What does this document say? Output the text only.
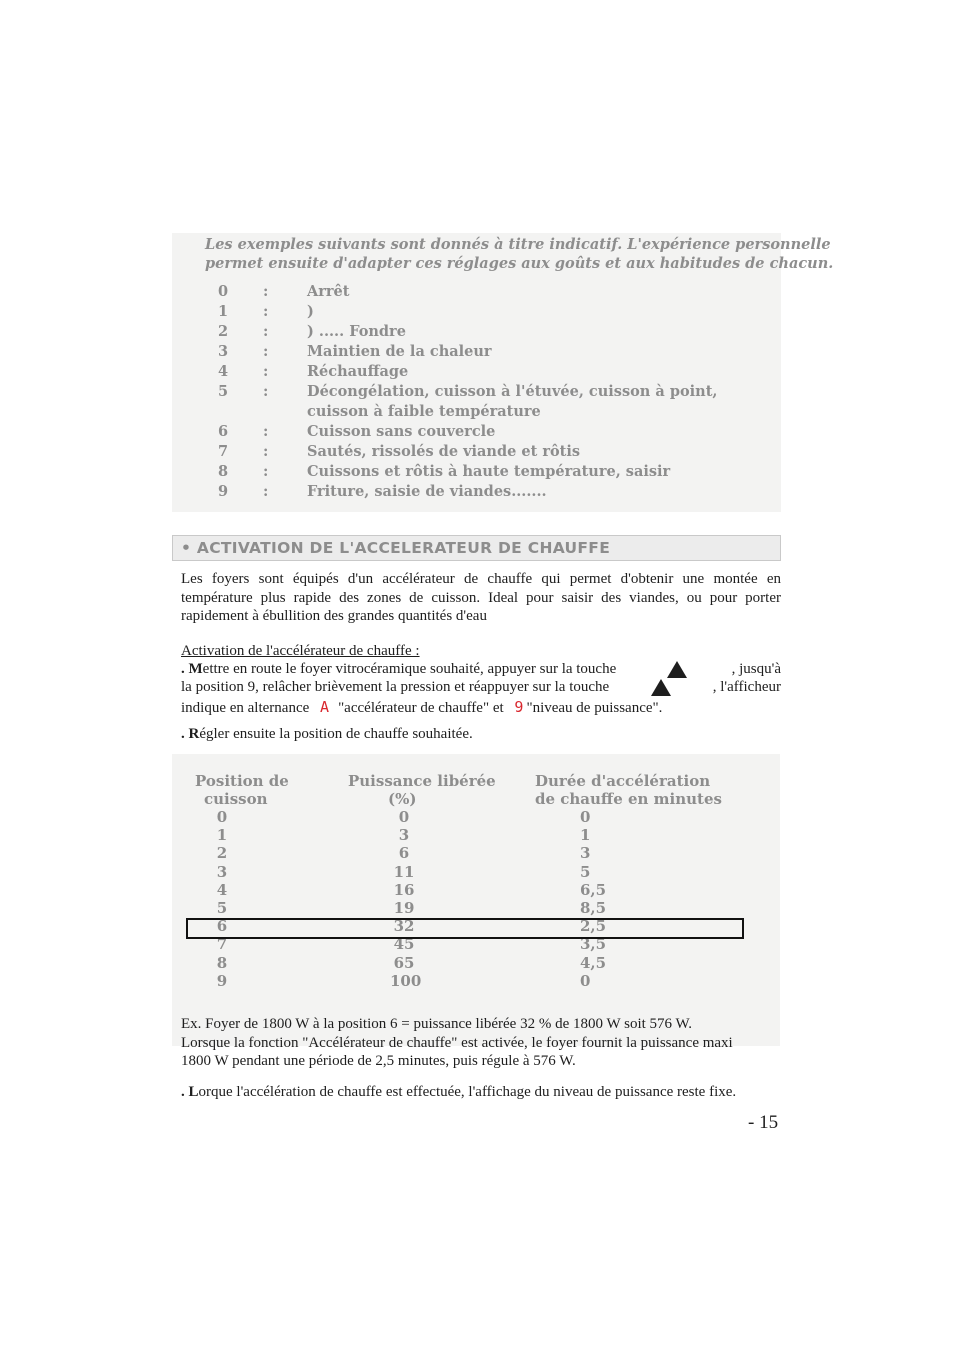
Les exemples suivants sont donnés à titre indicatif. L'expérience personnelle
permet ensuite d'adapter ces réglages aux goûts et aux habitudes de chacun.
0 :	Arrêt
1 :	)
2 :	) ..... Fondre
3 :	Maintien de la chaleur
4 :	Réchauffage
5 :	Décongélation, cuisson à l'étuvée, cuisson à point,
cuisson à faible température
6 :	Cuisson sans couvercle
7 :	Sautés, rissolés de viande et rôtis
8 :	Cuissons et rôtis à haute température, saisir
9 :	Friture, saisie de viandes.......
• ACTIVATION DE L'ACCELERATEUR DE CHAUFFE
Les foyers sont équipés d'un accélérateur de chauffe qui permet d'obtenir une montée en température plus rapide des zones de cuisson. Ideal pour saisir des viandes, ou pour porter rapidement à ébullition des grandes quantités d'eau
Activation de l'accélérateur de chauffe :
. Mettre en route le foyer vitrocéramique souhaité, appuyer sur la touche	, jusqu'à
la position 9, relâcher brièvement la pression et réappuyer sur la touche	, l'afficheur
indique en alternance A "accélérateur de chauffe" et 9 "niveau de puissance".
. Régler ensuite la position de chauffe souhaitée.
Position de
cuisson
Puissance libérée
(%)
Durée d'accélération
de chauffe en minutes
0	0	0
1	3	1
2	6	3
3	11	5
4	16	6,5
5	19	8,5
6	32	2,5
7	45	3,5
8	65	4,5
9	100	0
Ex. Foyer de 1800 W à la position 6 = puissance libérée 32 % de 1800 W soit 576 W.
Lorsque la fonction "Accélérateur de chauffe" est activée, le foyer fournit la puissance maxi
1800 W pendant une période de 2,5 minutes, puis régule à 576 W.
. Lorque l'accélération de chauffe est effectuée, l'affichage du niveau de puissance reste fixe.
- 15
